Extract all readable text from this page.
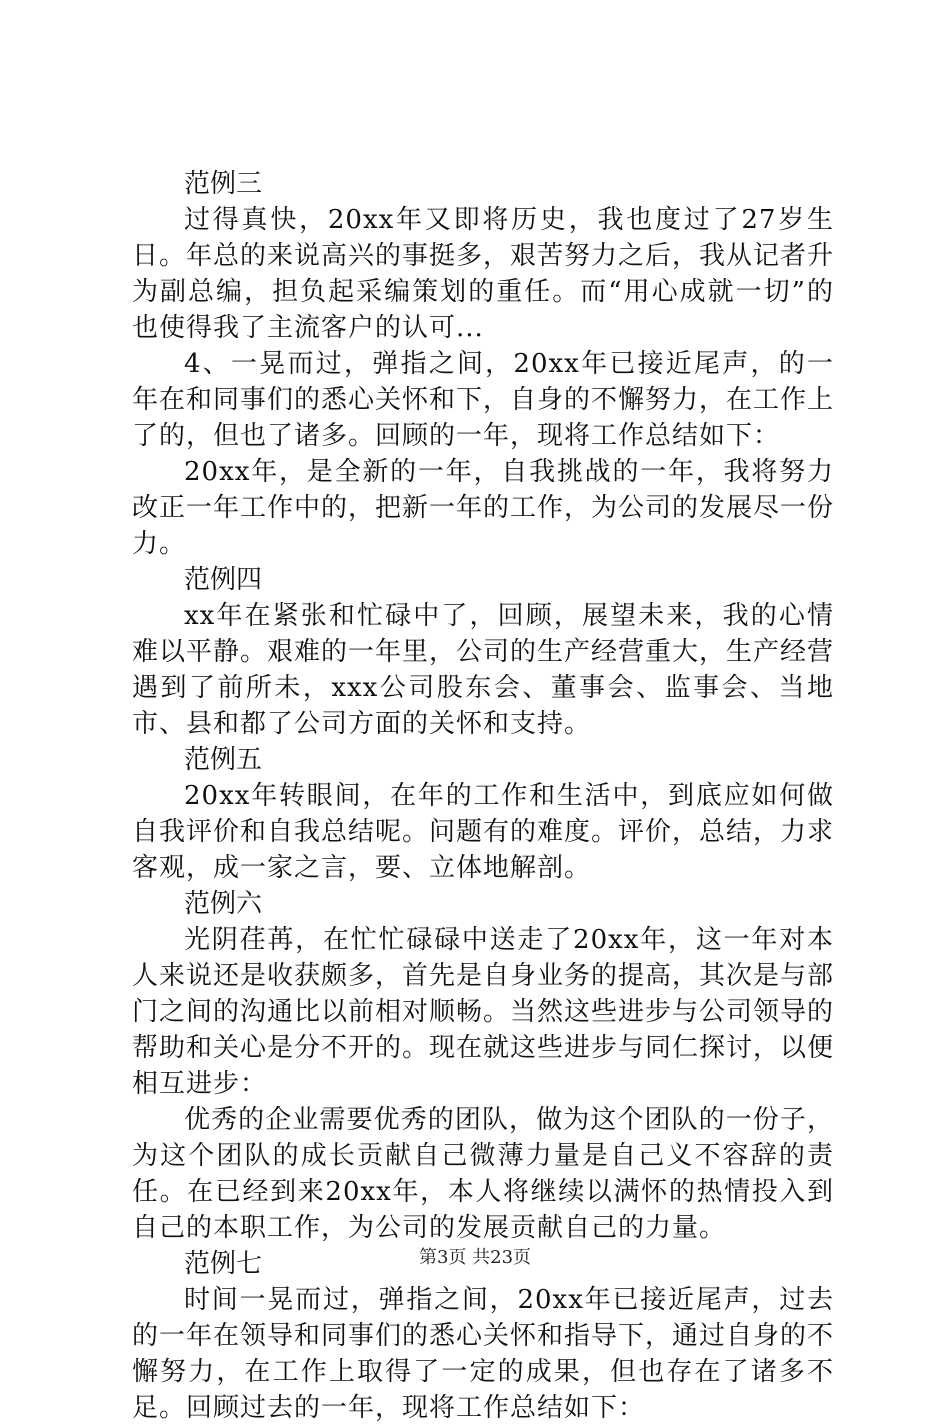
范例三

过得真快，20xx年又即将历史，我也度过了27岁生日。年总的来说高兴的事挺多，艰苦努力之后，我从记者升为副总编，担负起采编策划的重任。而“用心成就一切”的也使得我了主流客户的认可...

4、一晃而过，弹指之间，20xx年已接近尾声，的一年在和同事们的悉心关怀和下，自身的不懈努力，在工作上了的，但也了诸多。回顾的一年，现将工作总结如下：

20xx年，是全新的一年，自我挑战的一年，我将努力改正一年工作中的，把新一年的工作，为公司的发展尽一份力。

范例四

xx年在紧张和忙碌中了，回顾，展望未来，我的心情难以平静。艰难的一年里，公司的生产经营重大，生产经营遇到了前所未，xxx公司股东会、董事会、监事会、当地市、县和都了公司方面的关怀和支持。

范例五

20xx年转眼间，在年的工作和生活中，到底应如何做自我评价和自我总结呢。问题有的难度。评价，总结，力求客观，成一家之言，要、立体地解剖。

范例六

光阴荏苒，在忙忙碌碌中送走了20xx年，这一年对本人来说还是收获颇多，首先是自身业务的提高，其次是与部门之间的沟通比以前相对顺畅。当然这些进步与公司领导的帮助和关心是分不开的。现在就这些进步与同仁探讨，以便相互进步：

优秀的企业需要优秀的团队，做为这个团队的一份子，为这个团队的成长贡献自己微薄力量是自己义不容辞的责任。在已经到来20xx年，本人将继续以满怀的热情投入到自己的本职工作，为公司的发展贡献自己的力量。

范例七

时间一晃而过，弹指之间，20xx年已接近尾声，过去的一年在领导和同事们的悉心关怀和指导下，通过自身的不懈努力，在工作上取得了一定的成果，但也存在了诸多不足。回顾过去的一年，现将工作总结如下：

第3页 共23页
